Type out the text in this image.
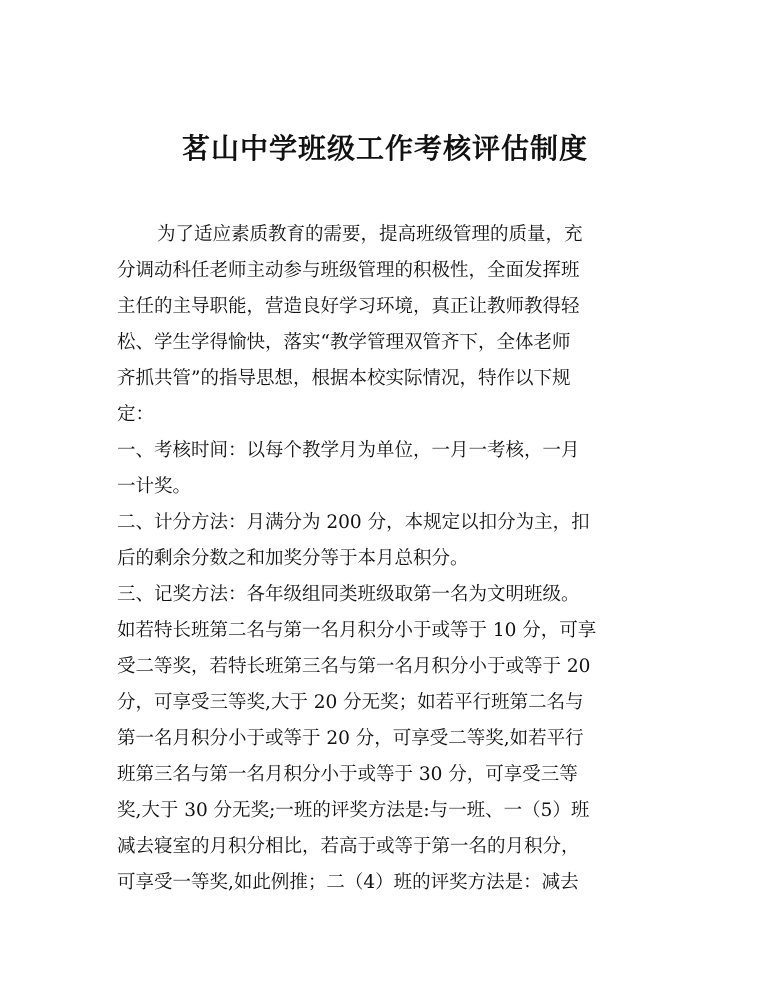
茗山中学班级工作考核评估制度
为了适应素质教育的需要，提高班级管理的质量，充
分调动科任老师主动参与班级管理的积极性，全面发挥班
主任的主导职能，营造良好学习环境，真正让教师教得轻
松、学生学得愉快，落实“教学管理双管齐下，全体老师
齐抓共管”的指导思想，根据本校实际情况，特作以下规
定：
一、考核时间：以每个教学月为单位，一月一考核，一月
一计奖。
二、计分方法：月满分为 200 分，本规定以扣分为主，扣
后的剩余分数之和加奖分等于本月总积分。
三、记奖方法：各年级组同类班级取第一名为文明班级。
如若特长班第二名与第一名月积分小于或等于 10 分，可享
受二等奖，若特长班第三名与第一名月积分小于或等于 20
分，可享受三等奖,大于 20 分无奖；如若平行班第二名与
第一名月积分小于或等于 20 分，可享受二等奖,如若平行
班第三名与第一名月积分小于或等于 30 分，可享受三等
奖,大于 30 分无奖;一班的评奖方法是:与一班、一（5）班
减去寝室的月积分相比，若高于或等于第一名的月积分，
可享受一等奖,如此例推；二（4）班的评奖方法是：减去
